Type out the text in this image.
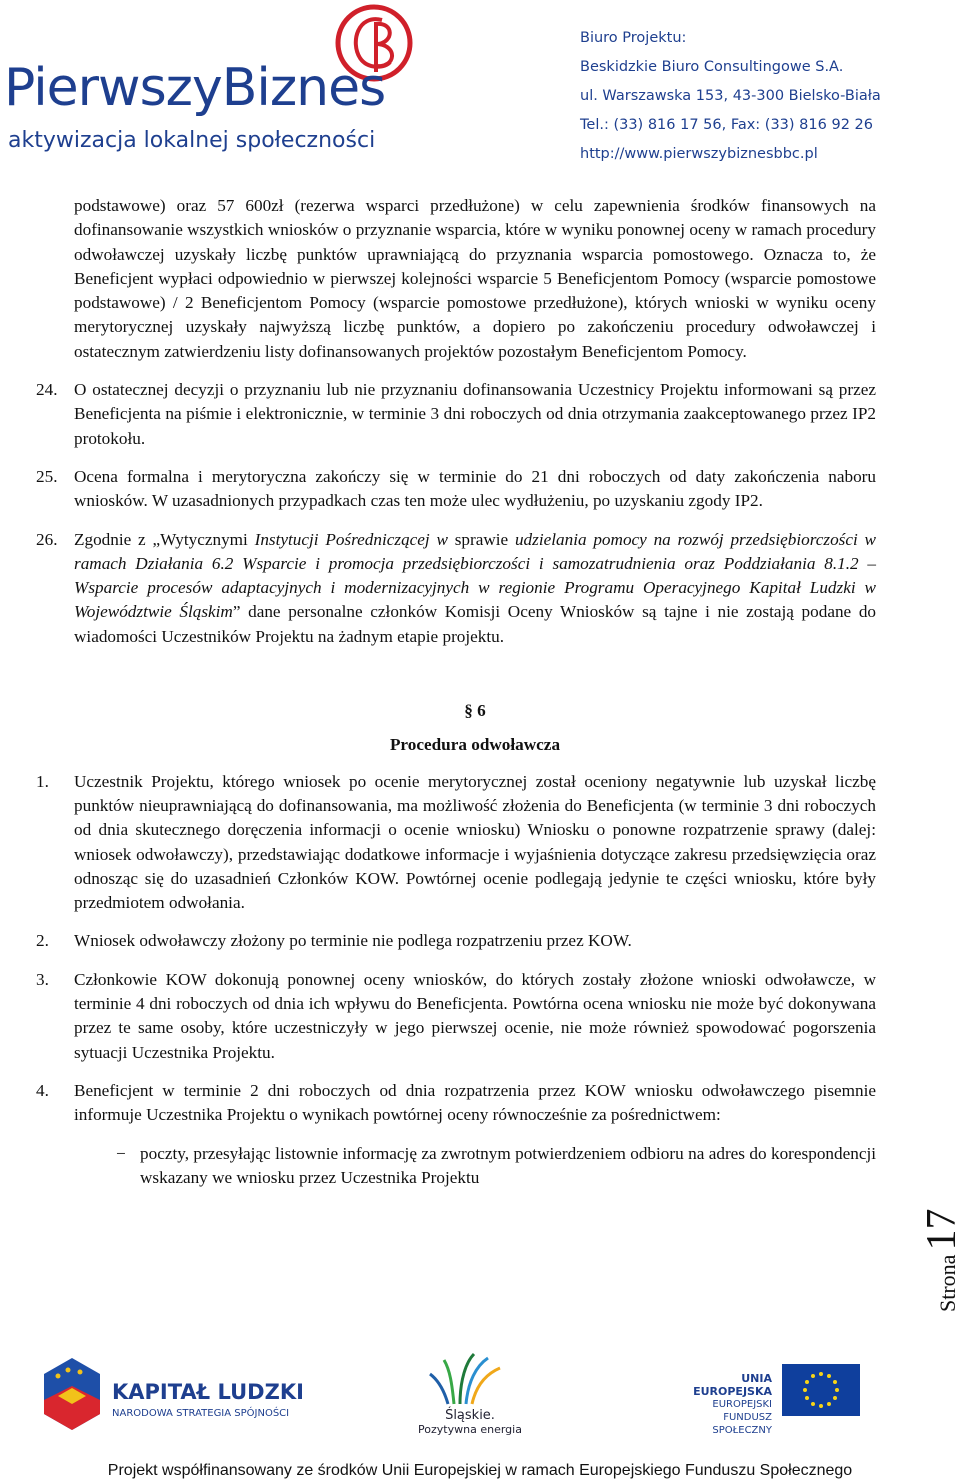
PierwszyBiznes
aktywizacja lokalnej społeczności
Biuro Projektu:
Beskidzkie Biuro Consultingowe S.A.
ul. Warszawska 153, 43-300 Bielsko-Biała
Tel.: (33) 816 17 56, Fax: (33) 816 92 26
http://www.pierwszybiznesbbc.pl

podstawowe) oraz 57 600zł (rezerwa wsparci przedłużone) w celu zapewnienia środków finansowych na dofinansowanie wszystkich wniosków o przyznanie wsparcia, które w wyniku ponownej oceny w ramach procedury odwoławczej uzyskały liczbę punktów uprawniającą do przyznania wsparcia pomostowego. Oznacza to, że Beneficjent wypłaci odpowiednio w pierwszej kolejności wsparcie 5 Beneficjentom Pomocy (wsparcie pomostowe podstawowe) / 2 Beneficjentom Pomocy (wsparcie pomostowe przedłużone), których wnioski w wyniku oceny merytorycznej uzyskały najwyższą liczbę punktów, a dopiero po zakończeniu procedury odwoławczej i ostatecznym zatwierdzeniu listy dofinansowanych projektów pozostałym Beneficjentom Pomocy.

24. O ostatecznej decyzji o przyznaniu lub nie przyznaniu dofinansowania Uczestnicy Projektu informowani są przez Beneficjenta na piśmie i elektronicznie, w terminie 3 dni roboczych od dnia otrzymania zaakceptowanego przez IP2 protokołu.

25. Ocena formalna i merytoryczna zakończy się w terminie do 21 dni roboczych od daty zakończenia naboru wniosków. W uzasadnionych przypadkach czas ten może ulec wydłużeniu, po uzyskaniu zgody IP2.

26. Zgodnie z „Wytycznymi Instytucji Pośredniczącej w sprawie udzielania pomocy na rozwój przedsiębiorczości w ramach Działania 6.2 Wsparcie i promocja przedsiębiorczości i samozatrudnienia oraz Poddziałania 8.1.2 – Wsparcie procesów adaptacyjnych i modernizacyjnych w regionie Programu Operacyjnego Kapitał Ludzki w Województwie Śląskim” dane personalne członków Komisji Oceny Wniosków są tajne i nie zostają podane do wiadomości Uczestników Projektu na żadnym etapie projektu.

§ 6
Procedura odwoławcza
1. Uczestnik Projektu, którego wniosek po ocenie merytorycznej został oceniony negatywnie lub uzyskał liczbę punktów nieuprawniającą do dofinansowania, ma możliwość złożenia do Beneficjenta (w terminie 3 dni roboczych od dnia skutecznego doręczenia informacji o ocenie wniosku) Wniosku o ponowne rozpatrzenie sprawy (dalej: wniosek odwoławczy), przedstawiając dodatkowe informacje i wyjaśnienia dotyczące zakresu przedsięwzięcia oraz odnosząc się do uzasadnień Członków KOW. Powtórnej ocenie podlegają jedynie te części wniosku, które były przedmiotem odwołania.

2. Wniosek odwoławczy złożony po terminie nie podlega rozpatrzeniu przez KOW.

3. Członkowie KOW dokonują ponownej oceny wniosków, do których zostały złożone wnioski odwoławcze, w terminie 4 dni roboczych od dnia ich wpływu do Beneficjenta. Powtórna ocena wniosku nie może być dokonywana przez te same osoby, które uczestniczyły w jego pierwszej ocenie, nie może również spowodować pogorszenia sytuacji Uczestnika Projektu.

4. Beneficjent w terminie 2 dni roboczych od dnia rozpatrzenia przez KOW wniosku odwoławczego pisemnie informuje Uczestnika Projektu o wynikach powtórnej oceny równocześnie za pośrednictwem:

− poczty, przesyłając listownie informację za zwrotnym potwierdzeniem odbioru na adres do korespondencji wskazany we wniosku przez Uczestnika Projektu

Strona 17
KAPITAŁ LUDZKI
NARODOWA STRATEGIA SPÓJNOŚCI	Śląskie.
Pozytywna energia
UNIA EUROPEJSKA
EUROPEJSKI
FUNDUSZ SPOŁECZNY
Projekt współfinansowany ze środków Unii Europejskiej w ramach Europejskiego Funduszu Społecznego
